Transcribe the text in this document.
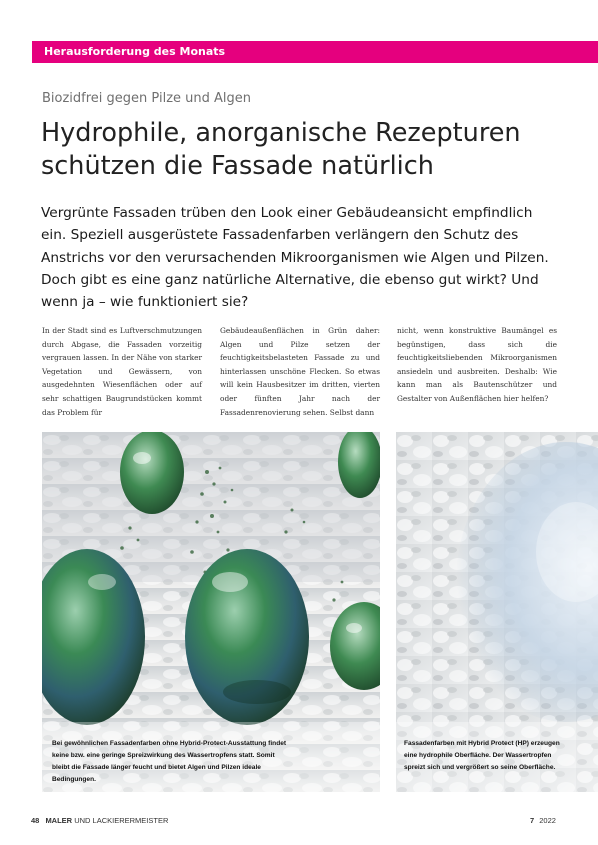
Herausforderung des Monats
Biozidfrei gegen Pilze und Algen
Hydrophile, anorganische Rezepturen schützen die Fassade natürlich

Vergrünte Fassaden trüben den Look einer Gebäudeansicht empfindlich ein. Speziell ausgerüstete Fassadenfarben verlängern den Schutz des Anstrichs vor den verursachenden Mikroorganismen wie Algen und Pilzen. Doch gibt es eine ganz natürliche Alternative, die ebenso gut wirkt? Und wenn ja – wie funktioniert sie?

In der Stadt sind es Luftverschmutzungen durch Abgase, die Fassaden vorzeitig vergrauen lassen. In der Nähe von starker Vegetation und Gewässern, von ausgedehnten Wiesenflächen oder auf sehr schattigen Baugrundstücken kommt das Problem für

Gebäudeaußenflächen in Grün daher: Algen und Pilze setzen der feuchtigkeitsbelasteten Fassade zu und hinterlassen unschöne Flecken. So etwas will kein Hausbesitzer im dritten, vierten oder fünften Jahr nach der Fassadenrenovierung sehen. Selbst dann

nicht, wenn konstruktive Baumängel es begünstigen, dass sich die feuchtigkeitsliebenden Mikroorganismen ansiedeln und ausbreiten. Deshalb: Wie kann man als Bautenschützer und Gestalter von Außenflächen hier helfen?

Bei gewöhnlichen Fassadenfarben ohne Hybrid-Protect-Ausstattung findet keine bzw. eine geringe Spreizwirkung des Wassertropfens statt. Somit bleibt die Fassade länger feucht und bietet Algen und Pilzen ideale Bedingungen.

Fassadenfarben mit Hybrid Protect (HP) erzeugen eine hydrophile Oberfläche. Der Wassertropfen spreizt sich und vergrößert so seine Oberfläche.

48 MALER UND LACKIERERMEISTER	7 2022
